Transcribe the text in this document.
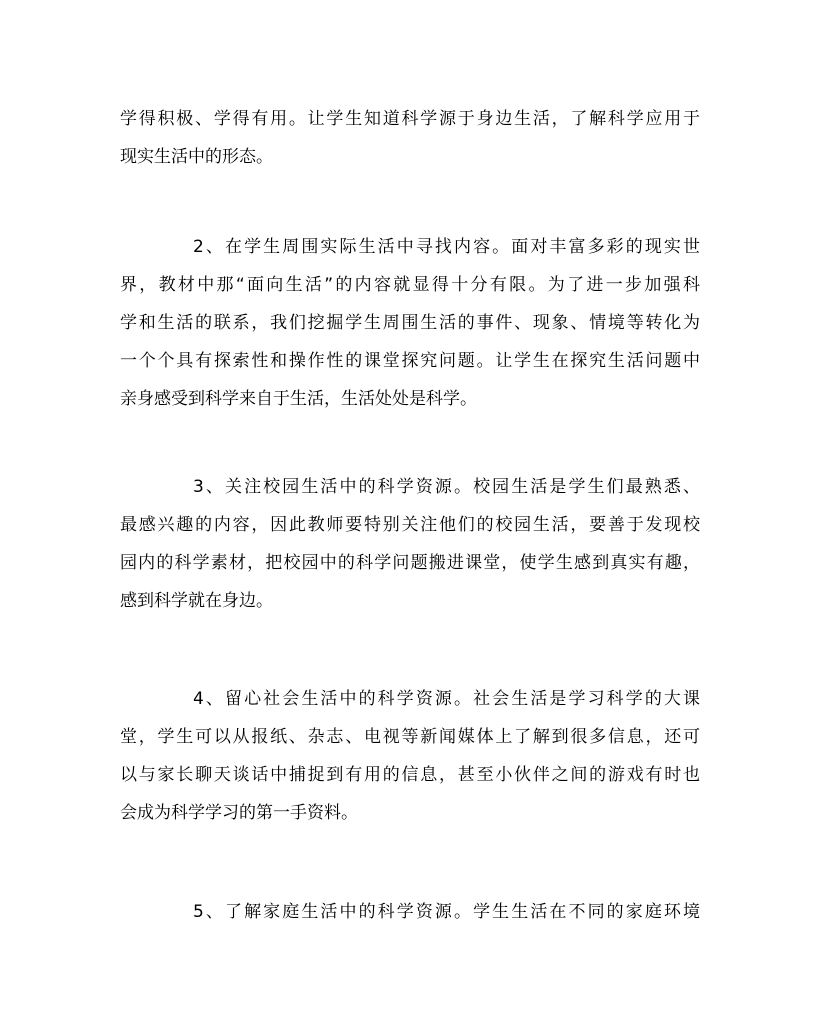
学得积极、学得有用。让学生知道科学源于身边生活，了解科学应用于
现实生活中的形态。

2、在学生周围实际生活中寻找内容。面对丰富多彩的现实世
界，教材中那“面向生活”的内容就显得十分有限。为了进一步加强科
学和生活的联系，我们挖掘学生周围生活的事件、现象、情境等转化为
一个个具有探索性和操作性的课堂探究问题。让学生在探究生活问题中
亲身感受到科学来自于生活，生活处处是科学。

3、关注校园生活中的科学资源。校园生活是学生们最熟悉、
最感兴趣的内容，因此教师要特别关注他们的校园生活，要善于发现校
园内的科学素材，把校园中的科学问题搬进课堂，使学生感到真实有趣，
感到科学就在身边。

4、留心社会生活中的科学资源。社会生活是学习科学的大课
堂，学生可以从报纸、杂志、电视等新闻媒体上了解到很多信息，还可
以与家长聊天谈话中捕捉到有用的信息，甚至小伙伴之间的游戏有时也
会成为科学学习的第一手资料。

5、了解家庭生活中的科学资源。学生生活在不同的家庭环境
